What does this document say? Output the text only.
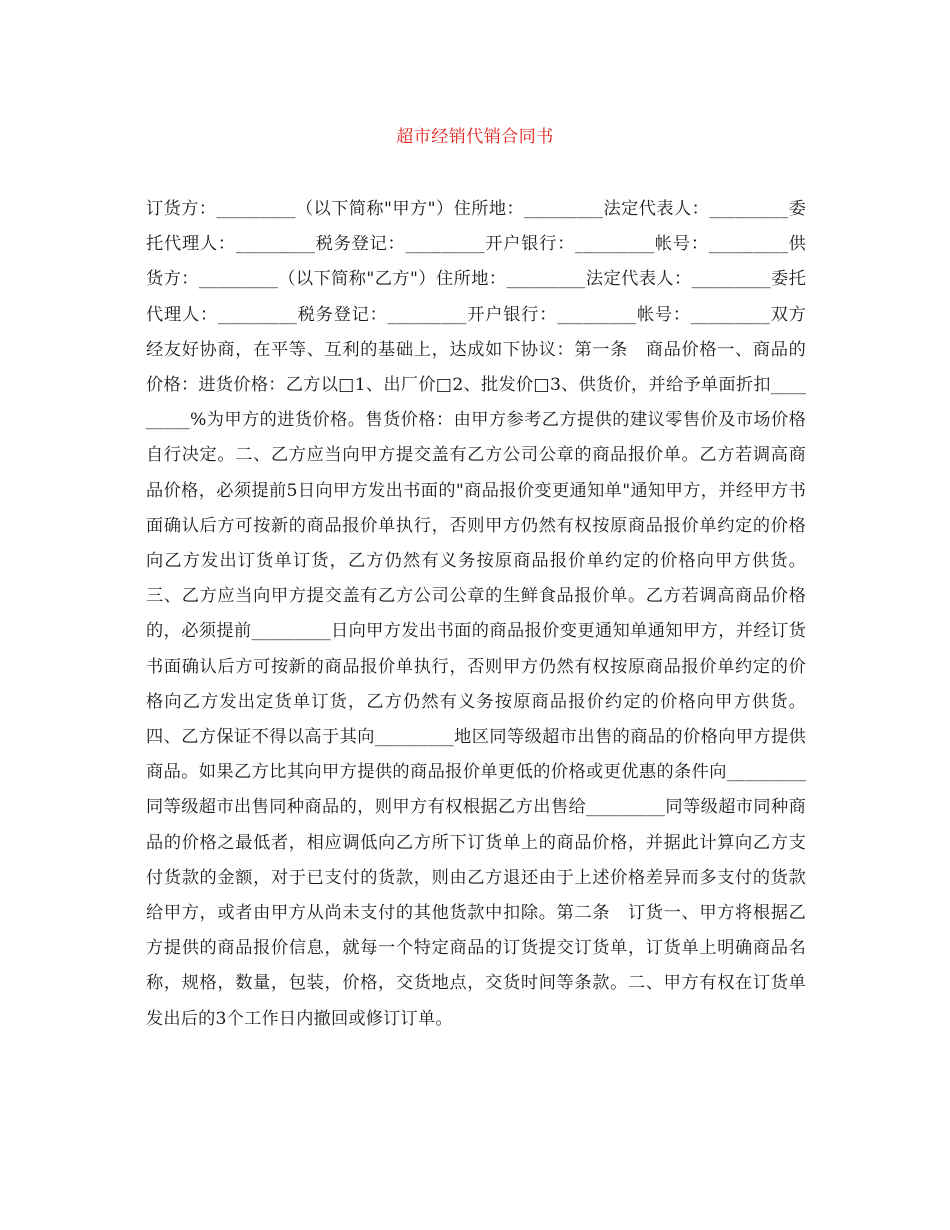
超市经销代销合同书

订货方：_________（以下简称"甲方"）住所地：_________法定代表人：_________委托代理人：_________税务登记：_________开户银行：_________帐号：_________供货方：_________（以下简称"乙方"）住所地：_________法定代表人：_________委托代理人：_________税务登记：_________开户银行：_________帐号：_________双方经友好协商，在平等、互利的基础上，达成如下协议：第一条　商品价格一、商品的价格：进货价格：乙方以□1、出厂价□2、批发价□3、供货价，并给予单面折扣_________%为甲方的进货价格。售货价格：由甲方参考乙方提供的建议零售价及市场价格自行决定。二、乙方应当向甲方提交盖有乙方公司公章的商品报价单。乙方若调高商品价格，必须提前5日向甲方发出书面的"商品报价变更通知单"通知甲方，并经甲方书面确认后方可按新的商品报价单执行，否则甲方仍然有权按原商品报价单约定的价格向乙方发出订货单订货，乙方仍然有义务按原商品报价单约定的价格向甲方供货。三、乙方应当向甲方提交盖有乙方公司公章的生鲜食品报价单。乙方若调高商品价格的，必须提前_________日向甲方发出书面的商品报价变更通知单通知甲方，并经订货书面确认后方可按新的商品报价单执行，否则甲方仍然有权按原商品报价单约定的价格向乙方发出定货单订货，乙方仍然有义务按原商品报价约定的价格向甲方供货。四、乙方保证不得以高于其向_________地区同等级超市出售的商品的价格向甲方提供商品。如果乙方比其向甲方提供的商品报价单更低的价格或更优惠的条件向_________同等级超市出售同种商品的，则甲方有权根据乙方出售给_________同等级超市同种商品的价格之最低者，相应调低向乙方所下订货单上的商品价格，并据此计算向乙方支付货款的金额，对于已支付的货款，则由乙方退还由于上述价格差异而多支付的货款给甲方，或者由甲方从尚未支付的其他货款中扣除。第二条　订货一、甲方将根据乙方提供的商品报价信息，就每一个特定商品的订货提交订货单，订货单上明确商品名称，规格，数量，包装，价格，交货地点，交货时间等条款。二、甲方有权在订货单发出后的3个工作日内撤回或修订订单。
